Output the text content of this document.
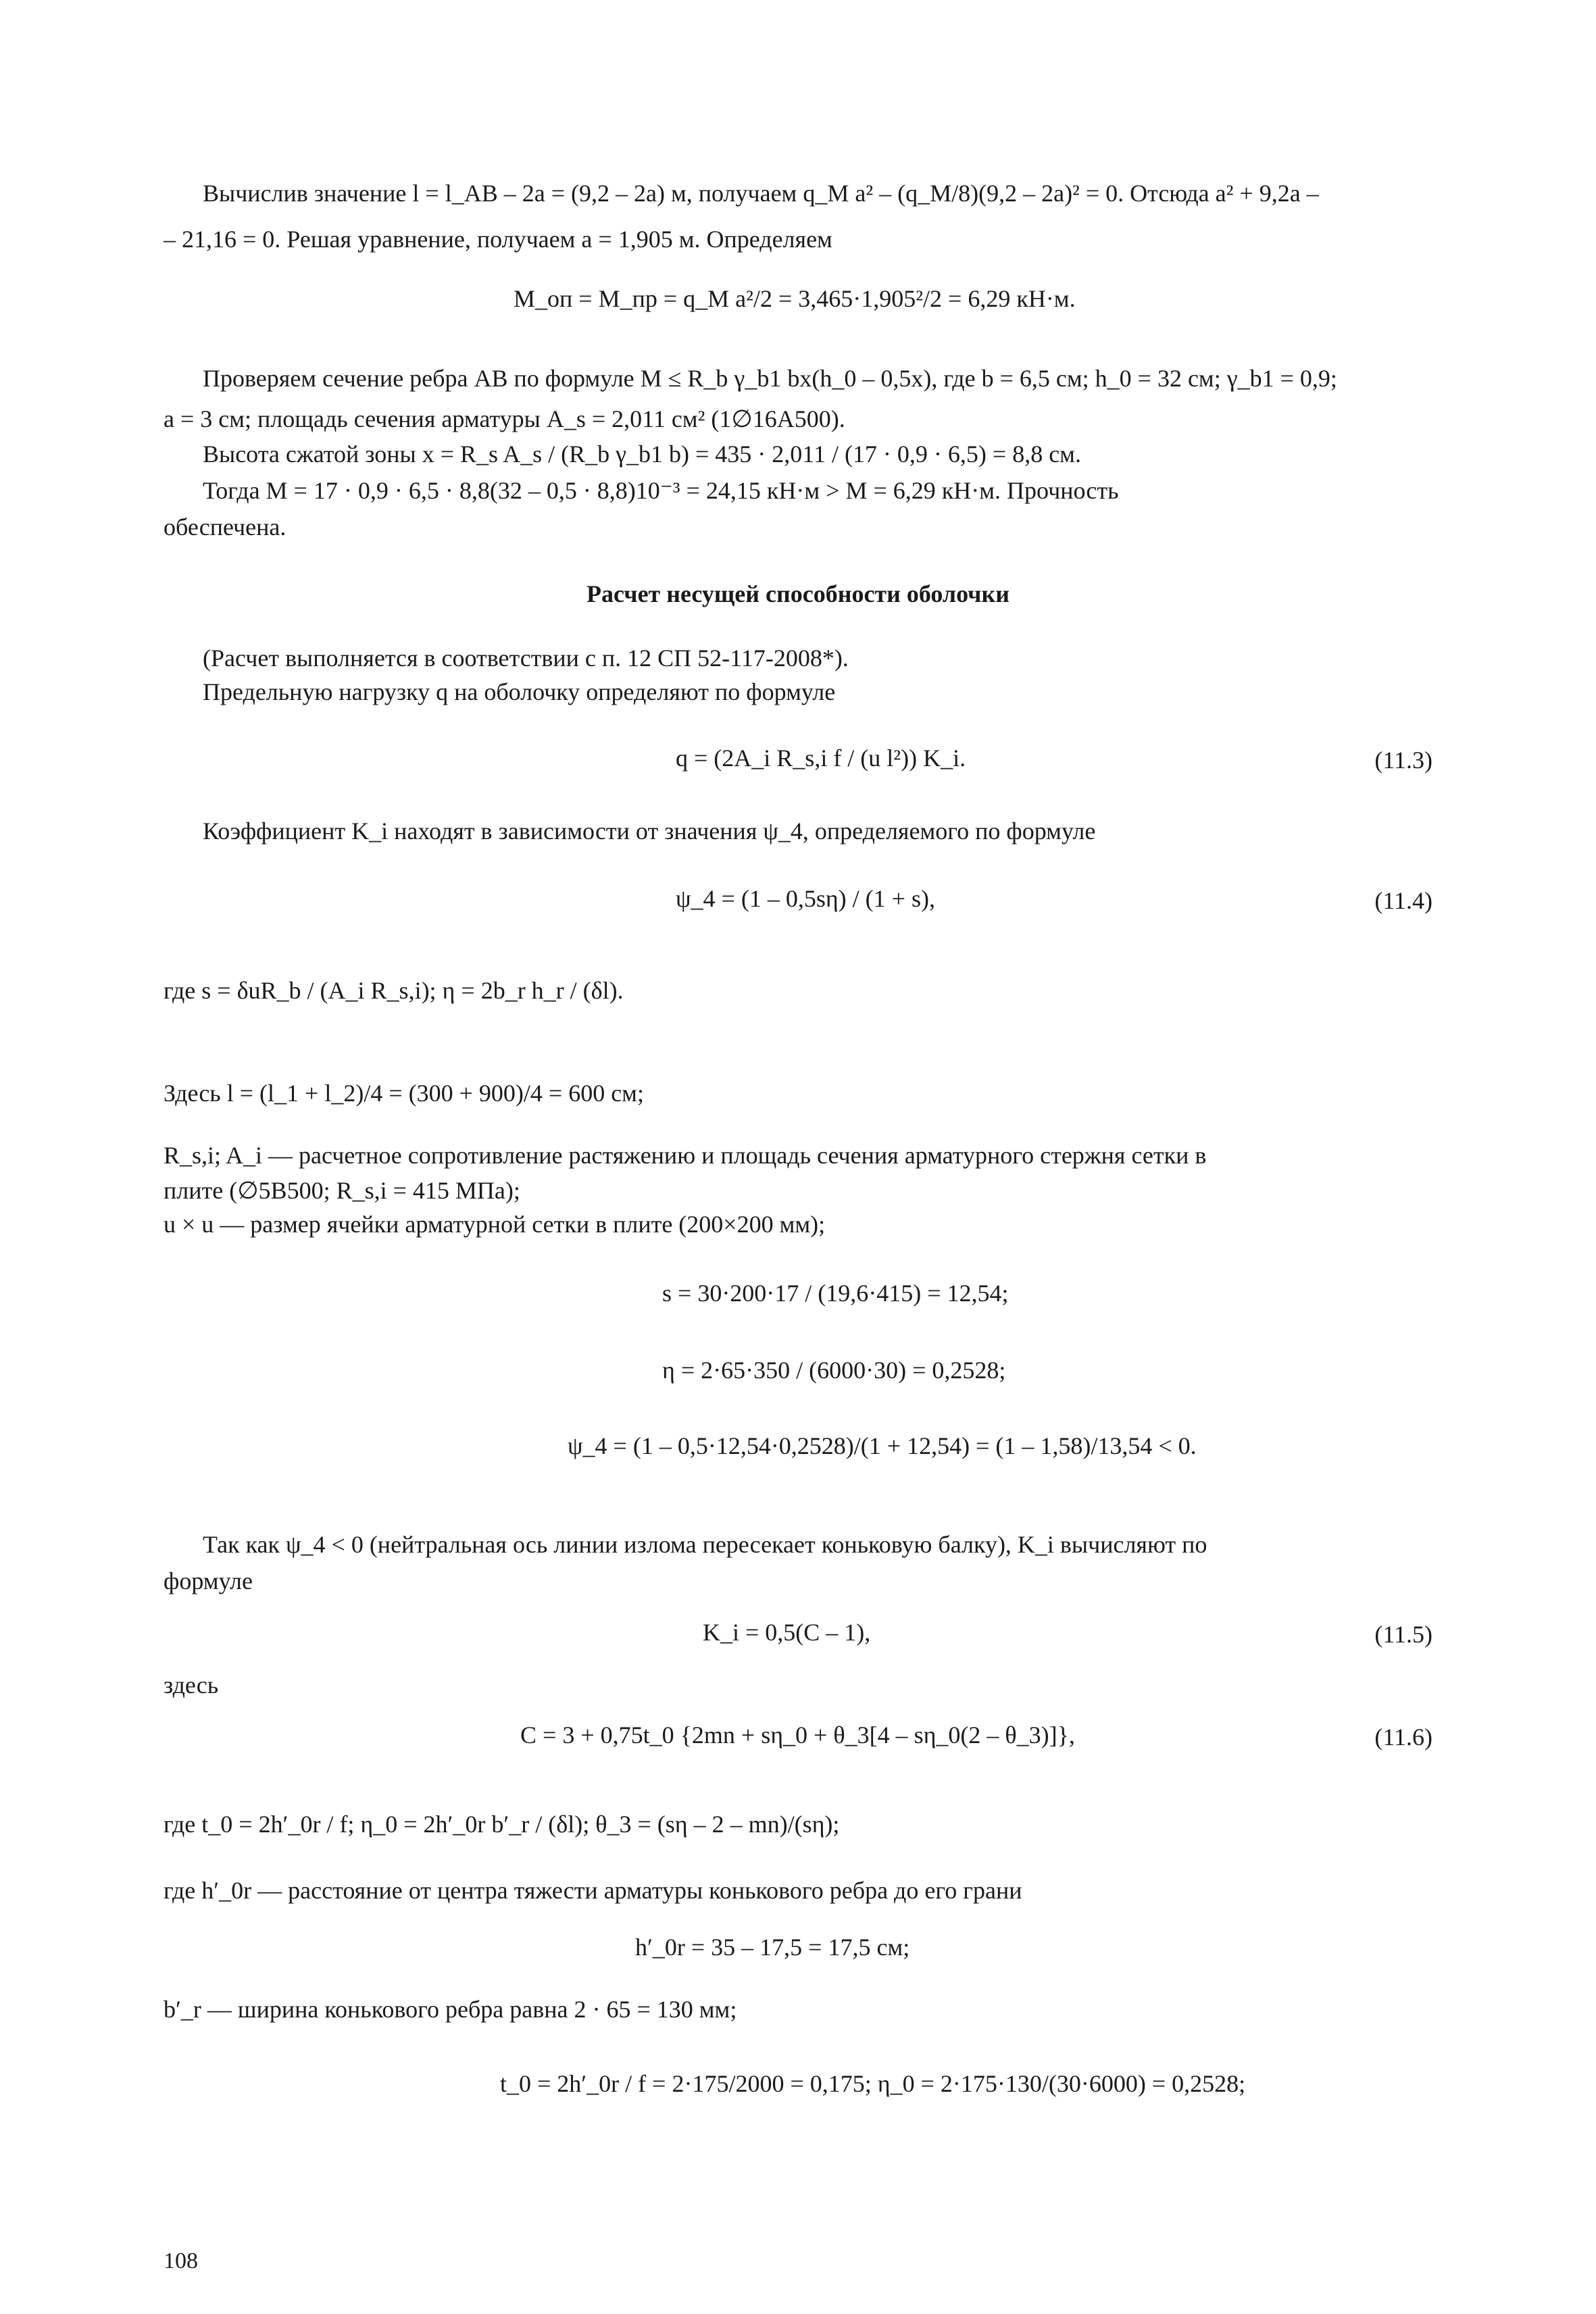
Вычислив значение l = l_AB – 2a = (9,2 – 2a) м, получаем q_M a² – (q_M/8)(9,2 – 2a)² = 0. Отсюда a² + 9,2a –
– 21,16 = 0. Решая уравнение, получаем a = 1,905 м. Определяем
M_оп = M_пр = q_M a²/2 = 3,465·1,905²/2 = 6,29 кН·м.
Проверяем сечение ребра AB по формуле M ≤ R_b γ_b1 bx(h_0 – 0,5x), где b = 6,5 см; h_0 = 32 см; γ_b1 = 0,9;
a = 3 см; площадь сечения арматуры A_s = 2,011 см² (1∅16А500).
Высота сжатой зоны x = R_s A_s / (R_b γ_b1 b) = 435 · 2,011 / (17 · 0,9 · 6,5) = 8,8 см.
Тогда M = 17 · 0,9 · 6,5 · 8,8(32 – 0,5 · 8,8)10⁻³ = 24,15 кН·м > M = 6,29 кН·м. Прочность
обеспечена.
Расчет несущей способности оболочки
(Расчет выполняется в соответствии с п. 12 СП 52-117-2008*).
Предельную нагрузку q на оболочку определяют по формуле
q = (2A_i R_s,i f / (u l²)) K_i.	(11.3)
Коэффициент K_i находят в зависимости от значения ψ_4, определяемого по формуле
ψ_4 = (1 – 0,5sη) / (1 + s),	(11.4)
где s = δuR_b / (A_i R_s,i); η = 2b_r h_r / (δl).
Здесь l = (l_1 + l_2)/4 = (300 + 900)/4 = 600 см;
R_s,i; A_i — расчетное сопротивление растяжению и площадь сечения арматурного стержня сетки в
плите (∅5В500; R_s,i = 415 МПа);
u × u — размер ячейки арматурной сетки в плите (200×200 мм);
s = 30·200·17 / (19,6·415) = 12,54;
η = 2·65·350 / (6000·30) = 0,2528;
ψ_4 = (1 – 0,5·12,54·0,2528)/(1 + 12,54) = (1 – 1,58)/13,54 < 0.
Так как ψ_4 < 0 (нейтральная ось линии излома пересекает коньковую балку), K_i вычисляют по
формуле
K_i = 0,5(C – 1),	(11.5)
здесь
C = 3 + 0,75t_0 {2mn + sη_0 + θ_3[4 – sη_0(2 – θ_3)]},	(11.6)
где t_0 = 2h′_0r / f; η_0 = 2h′_0r b′_r / (δl); θ_3 = (sη – 2 – mn)/(sη);
где h′_0r — расстояние от центра тяжести арматуры конькового ребра до его грани
h′_0r = 35 – 17,5 = 17,5 см;
b′_r — ширина конькового ребра равна 2 · 65 = 130 мм;
t_0 = 2h′_0r / f = 2·175/2000 = 0,175; η_0 = 2·175·130/(30·6000) = 0,2528;
108
